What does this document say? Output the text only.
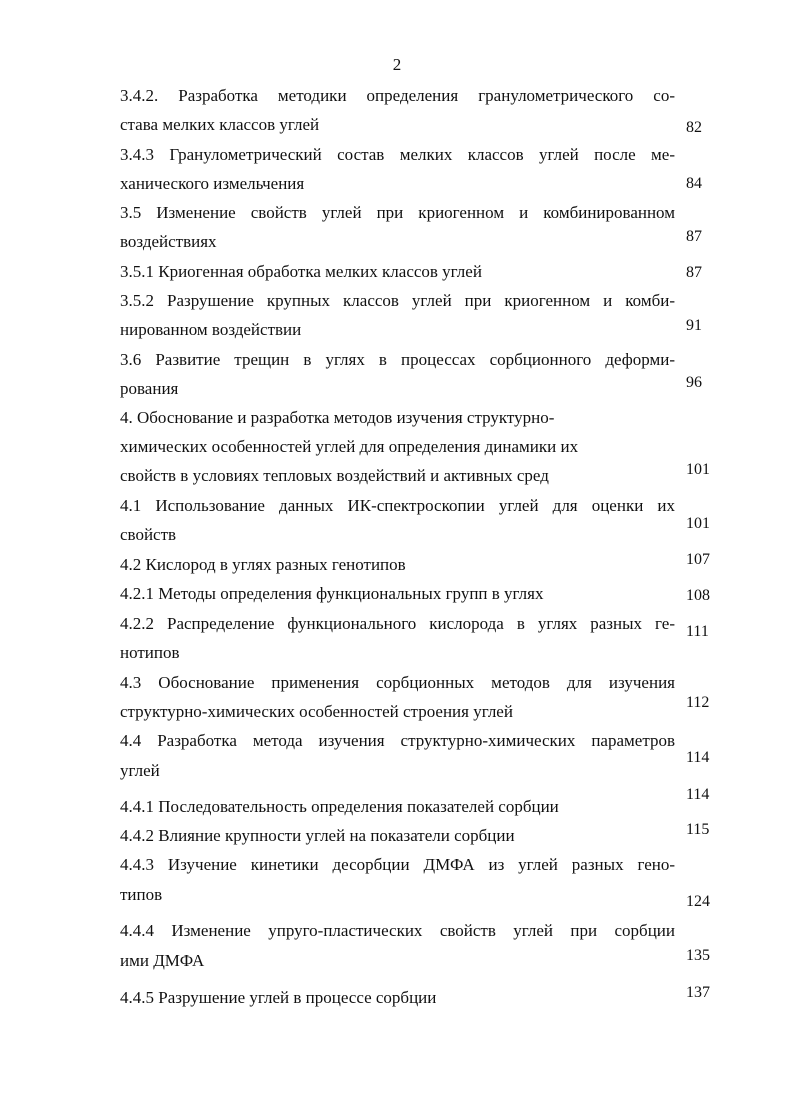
2
3.4.2. Разработка методики определения гранулометрического со-
става мелких классов углей
3.4.3 Гранулометрический состав мелких классов углей после ме-
ханического измельчения
3.5 Изменение свойств углей при криогенном и комбинированном
воздействиях
3.5.1 Криогенная обработка мелких классов углей
3.5.2 Разрушение крупных классов углей при криогенном и комби-
нированном воздействии
3.6 Развитие трещин в углях в процессах сорбционного деформи-
рования
4. Обоснование и разработка методов изучения структурно-
химических особенностей углей для определения динамики их
свойств в условиях тепловых воздействий и активных сред
4.1 Использование данных ИК-спектроскопии углей для оценки их
свойств
4.2 Кислород в углях разных генотипов
4.2.1 Методы определения функциональных групп в углях
4.2.2 Распределение функционального кислорода в углях разных ге-
нотипов
4.3 Обоснование применения сорбционных методов для изучения
структурно-химических особенностей строения углей
4.4 Разработка метода изучения структурно-химических параметров
углей
4.4.1 Последовательность определения показателей сорбции
4.4.2 Влияние крупности углей на показатели сорбции
4.4.3 Изучение кинетики десорбции ДМФА из углей разных гено-
типов
4.4.4 Изменение упруго-пластических свойств углей при сорбции
ими ДМФА
4.4.5 Разрушение углей в процессе сорбции
82
84
87
87
91
96
101
101
107
108
111
112
114
114
115
124
135
137
